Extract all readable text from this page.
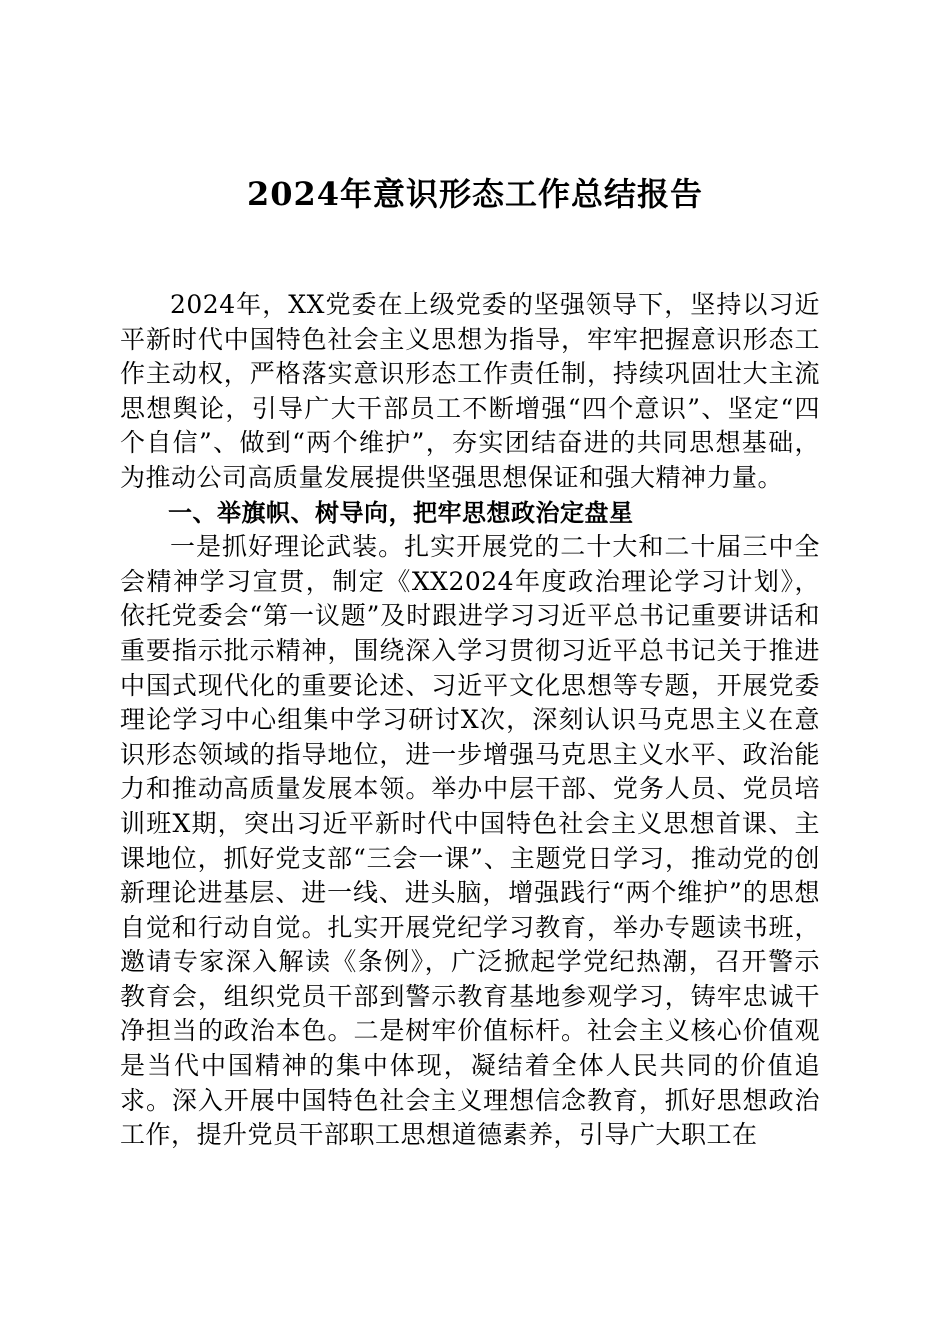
2024年意识形态工作总结报告

2024年，XX党委在上级党委的坚强领导下，坚持以习近平新时代中国特色社会主义思想为指导，牢牢把握意识形态工作主动权，严格落实意识形态工作责任制，持续巩固壮大主流思想舆论，引导广大干部员工不断增强“四个意识”、坚定“四个自信”、做到“两个维护”，夯实团结奋进的共同思想基础，为推动公司高质量发展提供坚强思想保证和强大精神力量。

一、举旗帜、树导向，把牢思想政治定盘星

一是抓好理论武装。扎实开展党的二十大和二十届三中全会精神学习宣贯，制定《XX2024年度政治理论学习计划》，依托党委会“第一议题”及时跟进学习习近平总书记重要讲话和重要指示批示精神，围绕深入学习贯彻习近平总书记关于推进中国式现代化的重要论述、习近平文化思想等专题，开展党委理论学习中心组集中学习研讨X次，深刻认识马克思主义在意识形态领域的指导地位，进一步增强马克思主义水平、政治能力和推动高质量发展本领。举办中层干部、党务人员、党员培训班X期，突出习近平新时代中国特色社会主义思想首课、主课地位，抓好党支部“三会一课”、主题党日学习，推动党的创新理论进基层、进一线、进头脑，增强践行“两个维护”的思想自觉和行动自觉。扎实开展党纪学习教育，举办专题读书班，邀请专家深入解读《条例》，广泛掀起学党纪热潮，召开警示教育会，组织党员干部到警示教育基地参观学习，铸牢忠诚干净担当的政治本色。二是树牢价值标杆。社会主义核心价值观是当代中国精神的集中体现，凝结着全体人民共同的价值追求。深入开展中国特色社会主义理想信念教育，抓好思想政治工作，提升党员干部职工思想道德素养，引导广大职工在
